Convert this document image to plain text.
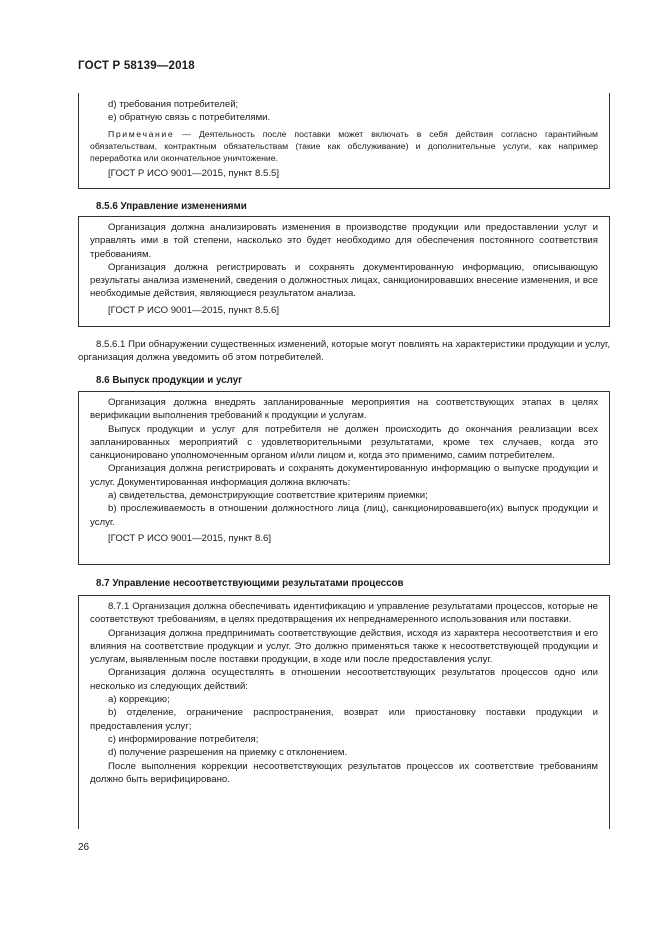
ГОСТ Р 58139—2018

d) требования потребителей;

e) обратную связь с потребителями.

Примечание — Деятельность после поставки может включать в себя действия согласно гарантийным обязательствам, контрактным обязательствам (такие как обслуживание) и дополнительные услуги, как например переработка или окончательное уничтожение.

[ГОСТ Р ИСО 9001—2015, пункт 8.5.5]

8.5.6 Управление изменениями

Организация должна анализировать изменения в производстве продукции или предоставлении услуг и управлять ими в той степени, насколько это будет необходимо для обеспечения постоянного соответствия требованиям.

Организация должна регистрировать и сохранять документированную информацию, описывающую результаты анализа изменений, сведения о должностных лицах, санкционировавших внесение изменения, и все необходимые действия, являющиеся результатом анализа.

[ГОСТ Р ИСО 9001—2015, пункт 8.5.6]

8.5.6.1 При обнаружении существенных изменений, которые могут повлиять на характеристики продукции и услуг, организация должна уведомить об этом потребителей.

8.6 Выпуск продукции и услуг

Организация должна внедрять запланированные мероприятия на соответствующих этапах в целях верификации выполнения требований к продукции и услугам.

Выпуск продукции и услуг для потребителя не должен происходить до окончания реализации всех запланированных мероприятий с удовлетворительными результатами, кроме тех случаев, когда это санкционировано уполномоченным органом и/или лицом и, когда это применимо, самим потребителем.

Организация должна регистрировать и сохранять документированную информацию о выпуске продукции и услуг. Документированная информация должна включать:

a) свидетельства, демонстрирующие соответствие критериям приемки;

b) прослеживаемость в отношении должностного лица (лиц), санкционировавшего(их) выпуск продукции и услуг.

[ГОСТ Р ИСО 9001—2015, пункт 8.6]

8.7 Управление несоответствующими результатами процессов

8.7.1 Организация должна обеспечивать идентификацию и управление результатами процессов, которые не соответствуют требованиям, в целях предотвращения их непреднамеренного использования или поставки.

Организация должна предпринимать соответствующие действия, исходя из характера несоответствия и его влияния на соответствие продукции и услуг. Это должно применяться также к несоответствующей продукции и услугам, выявленным после поставки продукции, в ходе или после предоставления услуг.

Организация должна осуществлять в отношении несоответствующих результатов процессов одно или несколько из следующих действий:

a) коррекцию;

b) отделение, ограничение распространения, возврат или приостановку поставки продукции и предоставления услуг;

c) информирование потребителя;

d) получение разрешения на приемку с отклонением.

После выполнения коррекции несоответствующих результатов процессов их соответствие требованиям должно быть верифицировано.

26
